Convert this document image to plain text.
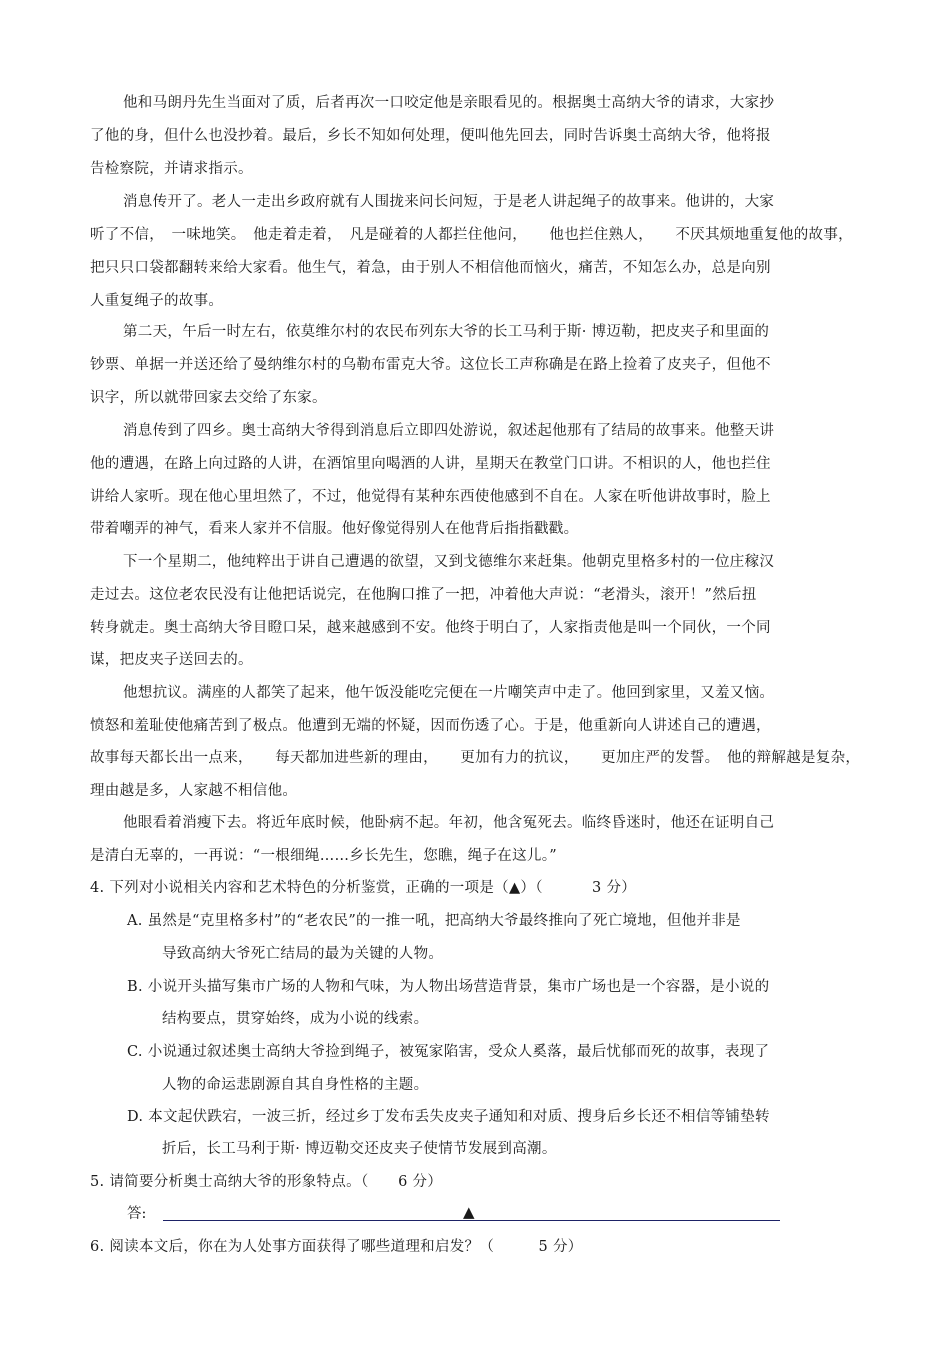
他和马朗丹先生当面对了质，后者再次一口咬定他是亲眼看见的。根据奥士高纳大爷的请求，大家抄
了他的身，但什么也没抄着。最后，乡长不知如何处理，便叫他先回去，同时告诉奥士高纳大爷，他将报
告检察院，并请求指示。
消息传开了。老人一走出乡政府就有人围拢来问长问短，于是老人讲起绳子的故事来。他讲的，大家
听了不信，　一味地笑。　他走着走着，　凡是碰着的人都拦住他问，　　他也拦住熟人，　　不厌其烦地重复他的故事，
把只只口袋都翻转来给大家看。他生气，着急，由于别人不相信他而恼火，痛苦，不知怎么办，总是向别
人重复绳子的故事。
第二天，午后一时左右，依莫维尔村的农民布列东大爷的长工马利于斯· 博迈勒，把皮夹子和里面的
钞票、单据一并送还给了曼纳维尔村的乌勒布雷克大爷。这位长工声称确是在路上捡着了皮夹子，但他不
识字，所以就带回家去交给了东家。
消息传到了四乡。奥士高纳大爷得到消息后立即四处游说，叙述起他那有了结局的故事来。他整天讲
他的遭遇，在路上向过路的人讲，在酒馆里向喝酒的人讲，星期天在教堂门口讲。不相识的人，他也拦住
讲给人家听。现在他心里坦然了，不过，他觉得有某种东西使他感到不自在。人家在听他讲故事时，脸上
带着嘲弄的神气，看来人家并不信服。他好像觉得别人在他背后指指戳戳。
下一个星期二，他纯粹出于讲自己遭遇的欲望，又到戈德维尔来赶集。他朝克里格多村的一位庄稼汉
走过去。这位老农民没有让他把话说完，在他胸口推了一把，冲着他大声说：“老滑头，滚开！”然后扭
转身就走。奥士高纳大爷目瞪口呆，越来越感到不安。他终于明白了，人家指责他是叫一个同伙，一个同
谋，把皮夹子送回去的。
他想抗议。满座的人都笑了起来，他午饭没能吃完便在一片嘲笑声中走了。他回到家里，又羞又恼。
愤怒和羞耻使他痛苦到了极点。他遭到无端的怀疑，因而伤透了心。于是，他重新向人讲述自己的遭遇，
故事每天都长出一点来，　　每天都加进些新的理由，　　更加有力的抗议，　　更加庄严的发誓。　他的辩解越是复杂，
理由越是多，人家越不相信他。
他眼看着消瘦下去。将近年底时候，他卧病不起。年初，他含冤死去。临终昏迷时，他还在证明自己
是清白无辜的，一再说：“一根细绳……乡长先生，您瞧，绳子在这儿。”
4. 下列对小说相关内容和艺术特色的分析鉴赏，正确的一项是（▲）（　　　 3 分）
A. 虽然是“克里格多村”的“老农民”的一推一吼，把高纳大爷最终推向了死亡境地，但他并非是
导致高纳大爷死亡结局的最为关键的人物。
B. 小说开头描写集市广场的人物和气味，为人物出场营造背景，集市广场也是一个容器，是小说的
结构要点，贯穿始终，成为小说的线索。
C. 小说通过叙述奥士高纳大爷捡到绳子，被冤家陷害，受众人奚落，最后忧郁而死的故事，表现了
人物的命运悲剧源自其自身性格的主题。
D. 本文起伏跌宕，一波三折，经过乡丁发布丢失皮夹子通知和对质、搜身后乡长还不相信等铺垫转
折后，长工马利于斯· 博迈勒交还皮夹子使情节发展到高潮。
5. 请简要分析奥士高纳大爷的形象特点。（　　6 分）
答:	▲
6. 阅读本文后，你在为人处事方面获得了哪些道理和启发？（　　　5 分）
